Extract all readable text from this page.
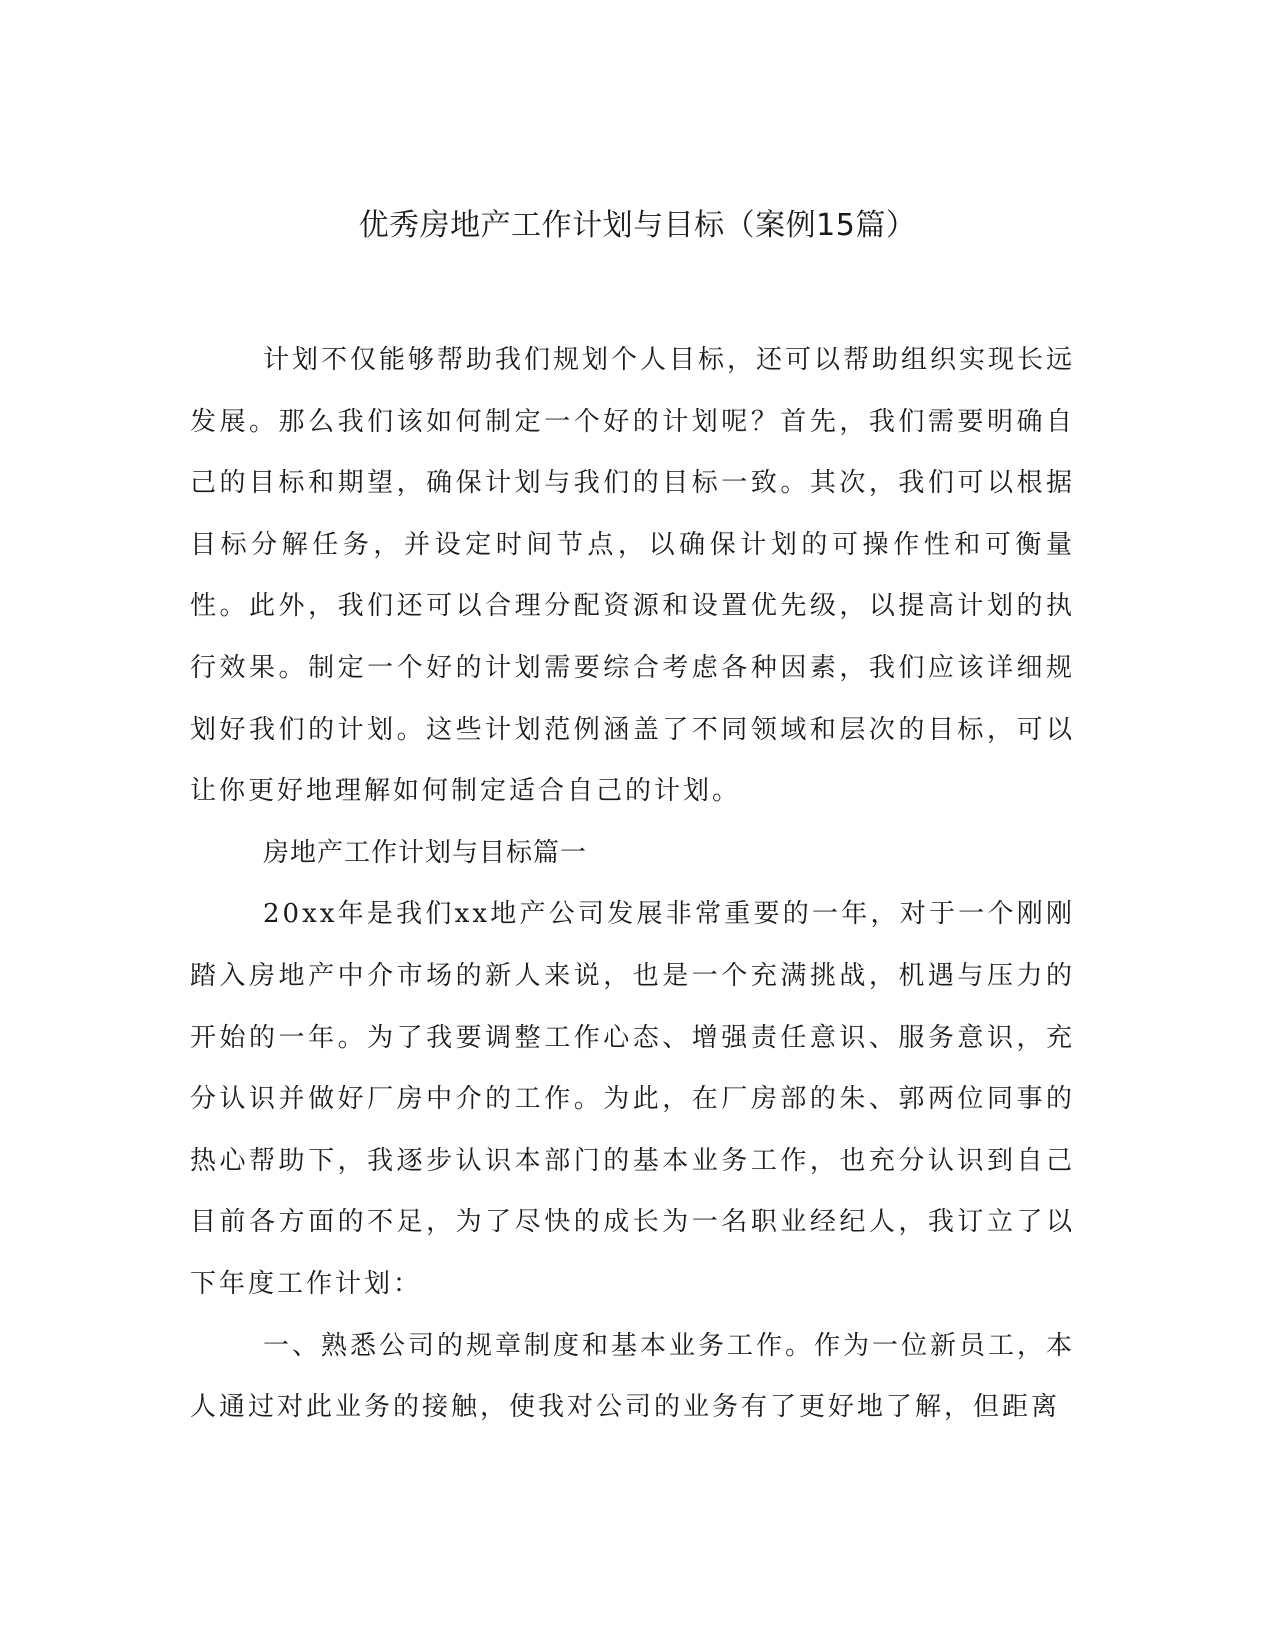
优秀房地产工作计划与目标（案例15篇）

计划不仅能够帮助我们规划个人目标，还可以帮助组织实现长远发展。那么我们该如何制定一个好的计划呢？首先，我们需要明确自己的目标和期望，确保计划与我们的目标一致。其次，我们可以根据目标分解任务，并设定时间节点，以确保计划的可操作性和可衡量性。此外，我们还可以合理分配资源和设置优先级，以提高计划的执行效果。制定一个好的计划需要综合考虑各种因素，我们应该详细规划好我们的计划。这些计划范例涵盖了不同领域和层次的目标，可以让你更好地理解如何制定适合自己的计划。

房地产工作计划与目标篇一

20xx年是我们xx地产公司发展非常重要的一年，对于一个刚刚踏入房地产中介市场的新人来说，也是一个充满挑战，机遇与压力的开始的一年。为了我要调整工作心态、增强责任意识、服务意识，充分认识并做好厂房中介的工作。为此，在厂房部的朱、郭两位同事的热心帮助下，我逐步认识本部门的基本业务工作，也充分认识到自己目前各方面的不足，为了尽快的成长为一名职业经纪人，我订立了以下年度工作计划：

一、熟悉公司的规章制度和基本业务工作。作为一位新员工，本人通过对此业务的接触，使我对公司的业务有了更好地了解，但距离
